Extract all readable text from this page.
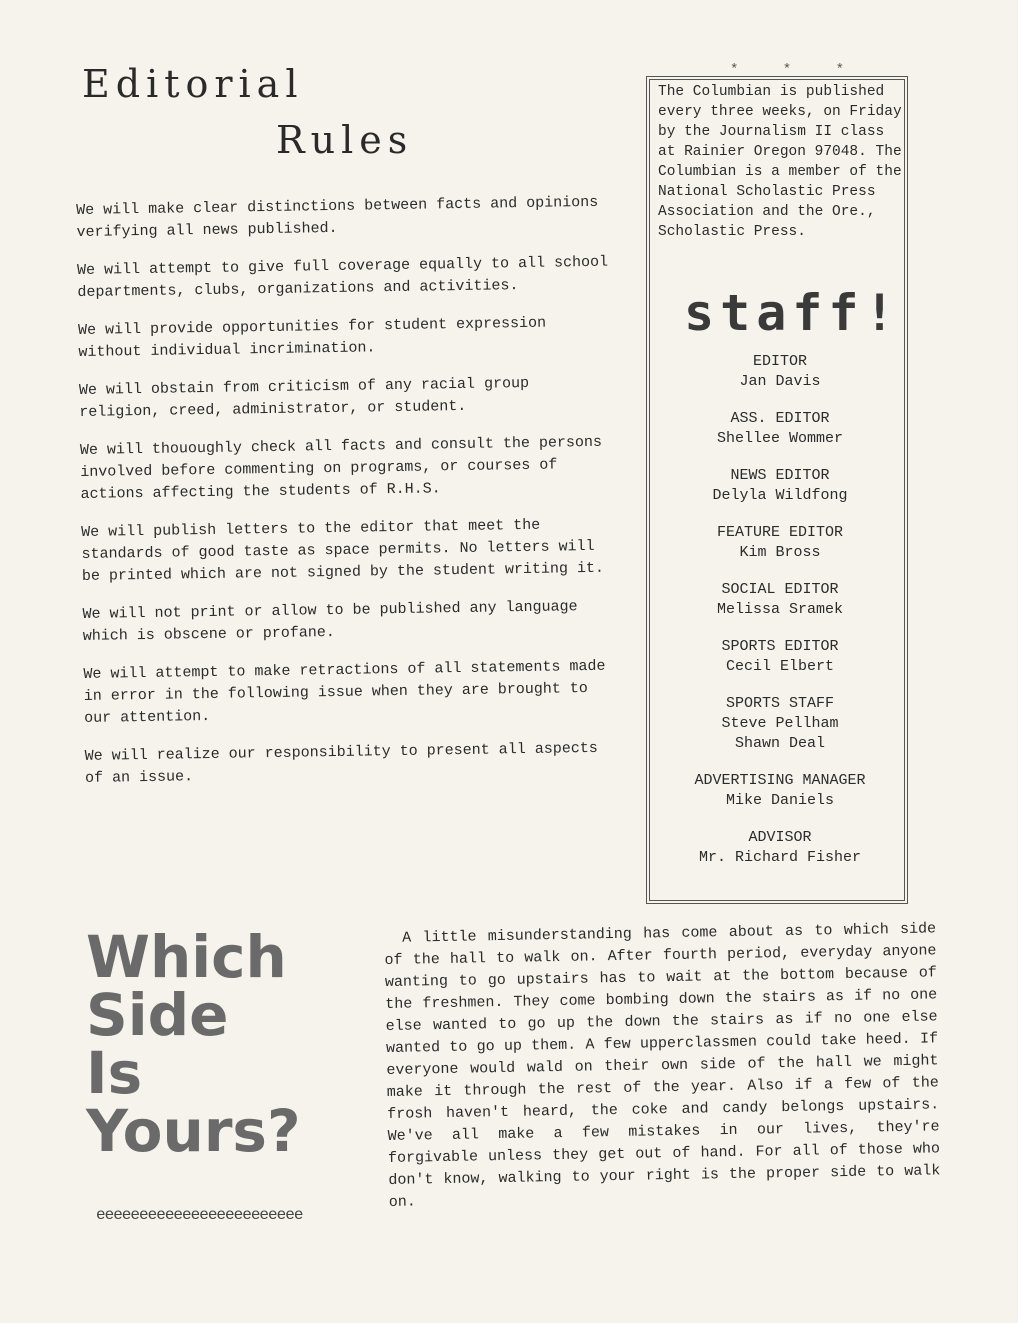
Editorial
Rules

We will make clear distinctions between facts and opinions verifying all news published.

We will attempt to give full coverage equally to all school departments, clubs, organizations and activities.

We will provide opportunities for student expression without individual incrimination.

We will obstain from criticism of any racial group religion, creed, administrator, or student.

We will thououghly check all facts and consult the persons involved before commenting on programs, or courses of actions affecting the students of R.H.S.

We will publish letters to the editor that meet the standards of good taste as space permits. No letters will be printed which are not signed by the student writing it.

We will not print or allow to be published any language which is obscene or profane.

We will attempt to make retractions of all statements made in error in the following issue when they are brought to our attention.

We will realize our responsibility to present all aspects of an issue.

* * *
The Columbian is published every three weeks, on Friday by the Journalism II class at Rainier Oregon 97048. The Columbian is a member of the National Scholastic Press Association and the Ore., Scholastic Press.
staff!
EDITOR
Jan Davis
ASS. EDITOR
Shellee Wommer
NEWS EDITOR
Delyla Wildfong
FEATURE EDITOR
Kim Bross
SOCIAL EDITOR
Melissa Sramek
SPORTS EDITOR
Cecil Elbert
SPORTS STAFF
Steve Pellham
Shawn Deal
ADVERTISING MANAGER
Mike Daniels
ADVISOR
Mr. Richard Fisher
Which
Side
Is
Yours?
ееееееееееееееееееееееее
A little misunderstanding has come about as to which side of the hall to walk on. After fourth period, everyday anyone wanting to go upstairs has to wait at the bottom because of the freshmen. They come bombing down the stairs as if no one else wanted to go up the down the stairs as if no one else wanted to go up them. A few upperclassmen could take heed. If everyone would wald on their own side of the hall we might make it through the rest of the year. Also if a few of the frosh haven't heard, the coke and candy belongs upstairs. We've all make a few mistakes in our lives, they're forgivable unless they get out of hand. For all of those who don't know, walking to your right is the proper side to walk on.
